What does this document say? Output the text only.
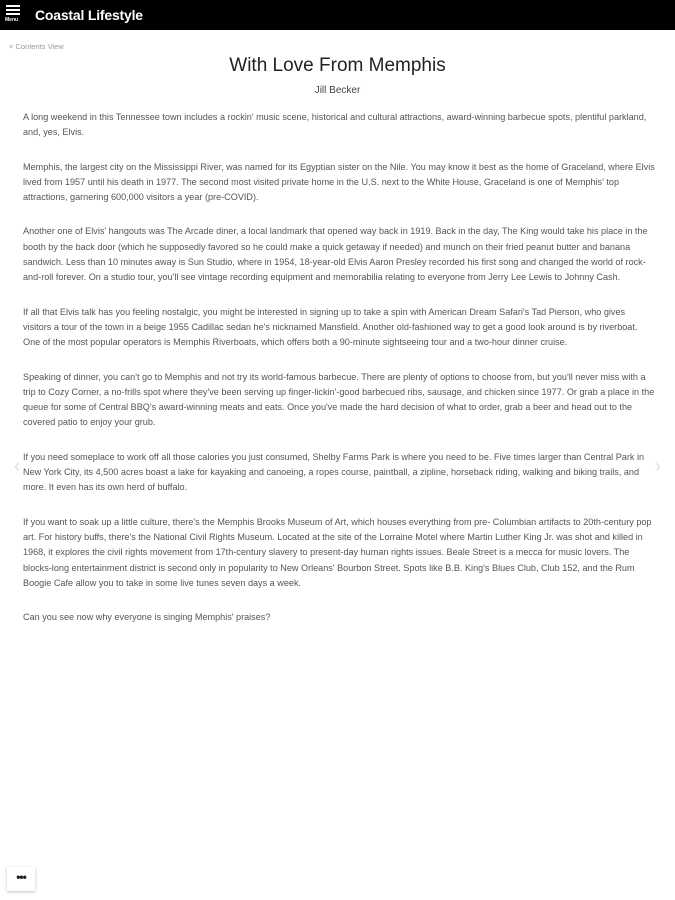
Menu	Coastal Lifestyle
< Contents View
With Love From Memphis
Jill Becker

A long weekend in this Tennessee town includes a rockin' music scene, historical and cultural attractions, award-winning barbecue spots, plentiful parkland, and, yes, Elvis.

Memphis, the largest city on the Mississippi River, was named for its Egyptian sister on the Nile. You may know it best as the home of Graceland, where Elvis lived from 1957 until his death in 1977. The second most visited private home in the U.S. next to the White House, Graceland is one of Memphis' top attractions, garnering 600,000 visitors a year (pre-COVID).

Another one of Elvis' hangouts was The Arcade diner, a local landmark that opened way back in 1919. Back in the day, The King would take his place in the booth by the back door (which he supposedly favored so he could make a quick getaway if needed) and munch on their fried peanut butter and banana sandwich. Less than 10 minutes away is Sun Studio, where in 1954, 18-year-old Elvis Aaron Presley recorded his first song and changed the world of rock-and-roll forever. On a studio tour, you'll see vintage recording equipment and memorabilia relating to everyone from Jerry Lee Lewis to Johnny Cash.

If all that Elvis talk has you feeling nostalgic, you might be interested in signing up to take a spin with American Dream Safari's Tad Pierson, who gives visitors a tour of the town in a beige 1955 Cadillac sedan he's nicknamed Mansfield. Another old-fashioned way to get a good look around is by riverboat. One of the most popular operators is Memphis Riverboats, which offers both a 90-minute sightseeing tour and a two-hour dinner cruise.

Speaking of dinner, you can't go to Memphis and not try its world-famous barbecue. There are plenty of options to choose from, but you'll never miss with a trip to Cozy Corner, a no-frills spot where they've been serving up finger-lickin'-good barbecued ribs, sausage, and chicken since 1977. Or grab a place in the queue for some of Central BBQ's award-winning meats and eats. Once you've made the hard decision of what to order, grab a beer and head out to the covered patio to enjoy your grub.

If you need someplace to work off all those calories you just consumed, Shelby Farms Park is where you need to be. Five times larger than Central Park in New York City, its 4,500 acres boast a lake for kayaking and canoeing, a ropes course, paintball, a zipline, horseback riding, walking and biking trails, and more. It even has its own herd of buffalo.

If you want to soak up a little culture, there's the Memphis Brooks Museum of Art, which houses everything from pre- Columbian artifacts to 20th-century pop art. For history buffs, there's the National Civil Rights Museum. Located at the site of the Lorraine Motel where Martin Luther King Jr. was shot and killed in 1968, it explores the civil rights movement from 17th-century slavery to present-day human rights issues. Beale Street is a mecca for music lovers. The blocks-long entertainment district is second only in popularity to New Orleans' Bourbon Street. Spots like B.B. King's Blues Club, Club 152, and the Rum Boogie Cafe allow you to take in some live tunes seven days a week.

Can you see now why everyone is singing Memphis' praises?

‹	›
•••
